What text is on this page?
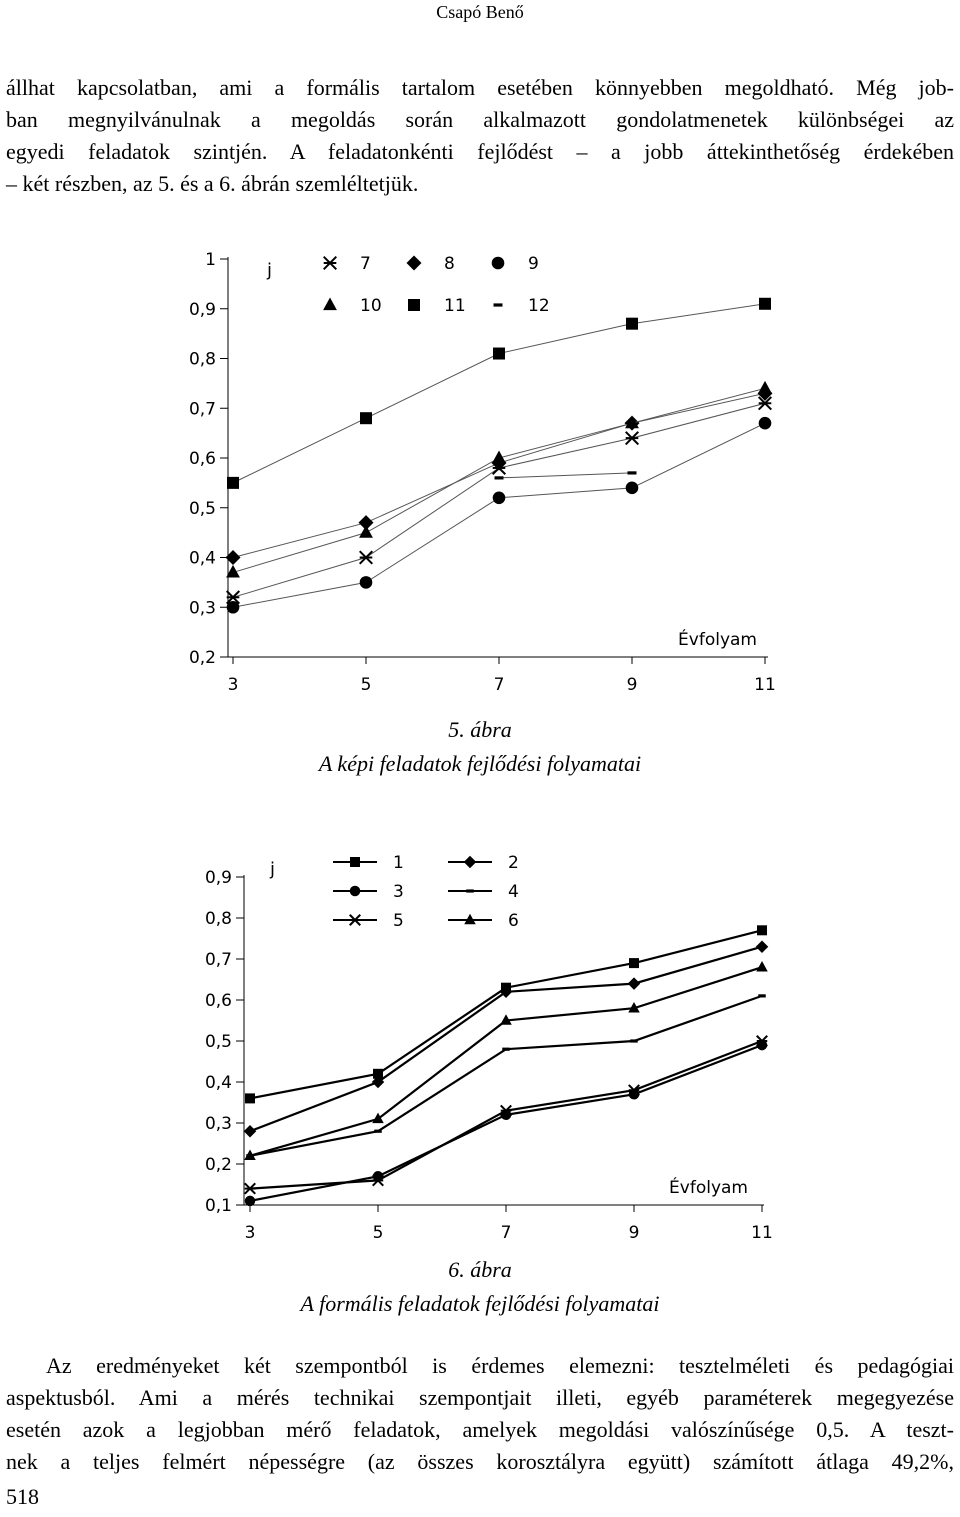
Csapó Benő
állhat kapcsolatban, ami a formális tartalom esetében könnyebben megoldható. Még job-
ban megnyilvánulnak a megoldás során alkalmazott gondolatmenetek különbségei az
egyedi feladatok szintjén. A feladatonkénti fejlődést – a jobb áttekinthetőség érdekében
– két részben, az 5. és a 6. ábrán szemléltetjük.
0,2
0,3
0,4
0,5
0,6
0,7
0,8
0,9
1
3	5	7	9	11
Évfolyam
j	7	8	9
10	11	12
5. ábra
A képi feladatok fejlődési folyamatai
0,1
0,2
0,3
0,4
0,5
0,6
0,7
0,8
0,9
3	5	7	9	11
Évfolyam
j	1	2
3	4
5	6
6. ábra
A formális feladatok fejlődési folyamatai
Az eredményeket két szempontból is érdemes elemezni: tesztelméleti és pedagógiai
aspektusból. Ami a mérés technikai szempontjait illeti, egyéb paraméterek megegyezése
esetén azok a legjobban mérő feladatok, amelyek megoldási valószínűsége 0,5. A teszt-
nek a teljes felmért népességre (az összes korosztályra együtt) számított átlaga 49,2%,
518
